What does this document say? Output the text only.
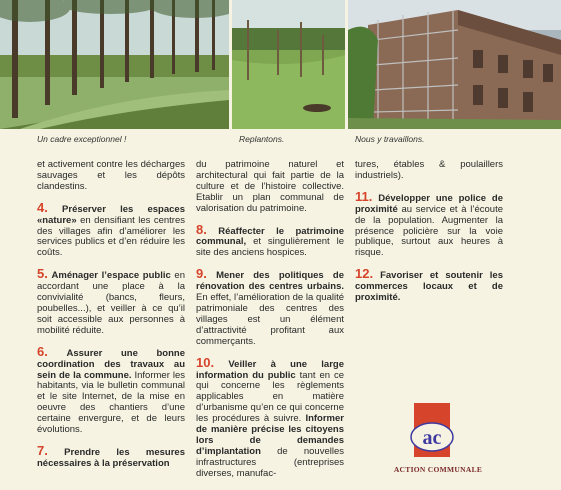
Un cadre exceptionnel !	Replantons.	Nous y travaillons.
et activement contre les décharges sauvages et les dépôts clandestins.
4. Préserver les espaces «nature» en densifiant les centres des villages afin d’améliorer les services publics et d’en réduire les coûts.
5. Aménager l’espace public en accordant une place à la convivialité (bancs, fleurs, poubelles...), et veiller à ce qu’il soit accessible aux personnes à mobilité réduite.
6. Assurer une bonne coordination des travaux au sein de la commune. Informer les habitants, via le bulletin communal et le site Internet, de la mise en oeuvre des chantiers d’une certaine envergure, et de leurs évolutions.
7. Prendre les mesures nécessaires à la préservation
du patrimoine naturel et architectural qui fait partie de la culture et de l’histoire collective. Etablir un plan communal de valorisation du patrimoine.
8. Réaffecter le patrimoine communal, et singulièrement le site des anciens hospices.
9. Mener des politiques de rénovation des centres urbains. En effet, l’amélioration de la qualité patrimoniale des centres des villages est un élément d’attractivité profitant aux commerçants.
10. Veiller à une large information du public tant en ce qui concerne les règlements applicables en matière d’urbanisme qu’en ce qui concerne les procédures à suivre. Informer de manière précise les citoyens lors de demandes d’implantation de nouvelles infrastructures (entreprises diverses, manufac-
tures, étables & poulaillers industriels).
11. Développer une police de proximité au service et à l’écoute de la population. Augmenter la présence policière sur la voie publique, surtout aux heures à risque.
12. Favoriser et soutenir les commerces locaux et de proximité.
ac
ACTION COMMUNALE
